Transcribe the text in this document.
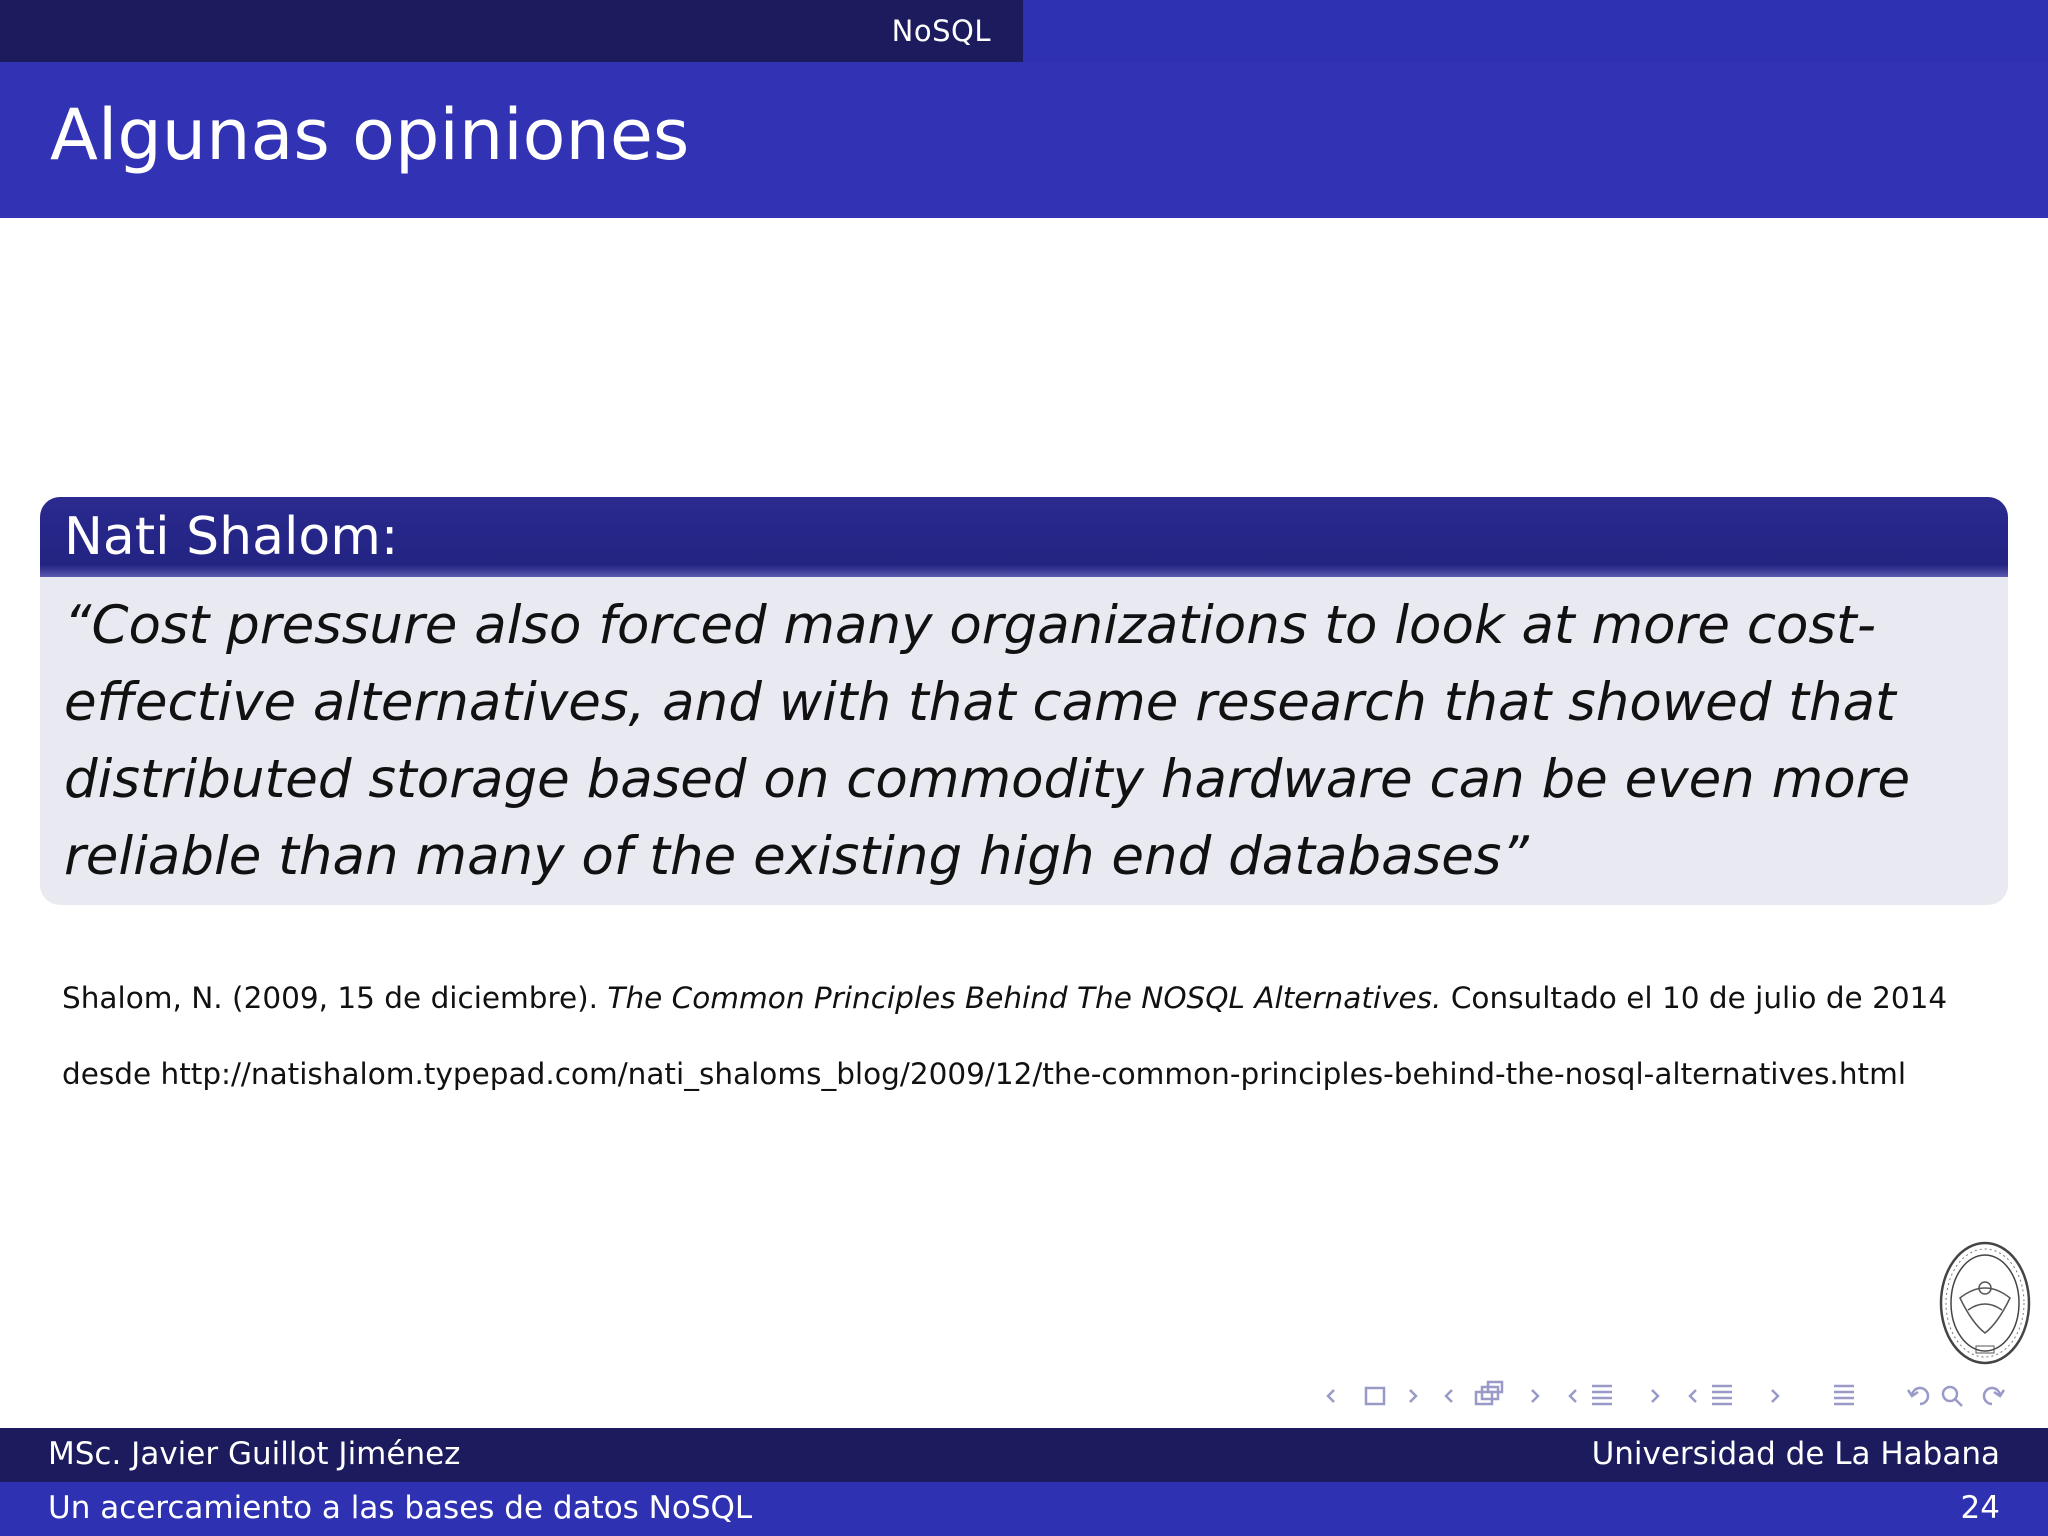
NoSQL
Algunas opiniones
Nati Shalom:

“Cost pressure also forced many organizations to look at more cost-effective alternatives, and with that came research that showed that distributed storage based on commodity hardware can be even more reliable than many of the existing high end databases”

Shalom, N. (2009, 15 de diciembre). The Common Principles Behind The NOSQL Alternatives. Consultado el 10 de julio de 2014
desde http://natishalom.typepad.com/nati_shaloms_blog/2009/12/the-common-principles-behind-the-nosql-alternatives.html
MSc. Javier Guillot Jiménez	Universidad de La Habana
Un acercamiento a las bases de datos NoSQL	24
